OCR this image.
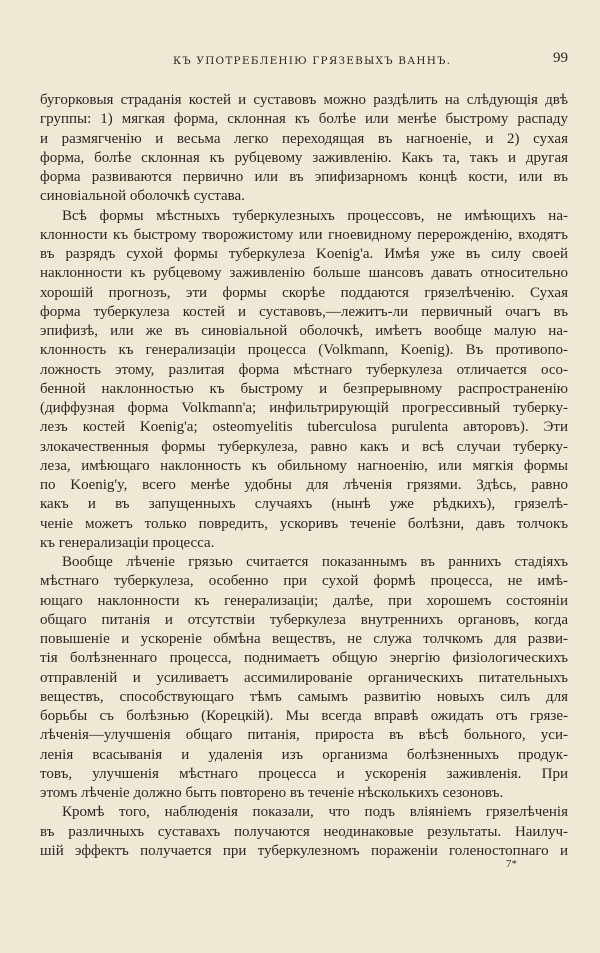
КЪ УПОТРЕБЛЕНІЮ ГРЯЗЕВЫХЪ ВАННЪ.	99
бугорковыя страданія костей и суставовъ можно раздѣлить на слѣдующія двѣ
группы: 1) мягкая форма, склонная къ болѣе или менѣе быстрому распаду
и размягченію и весьма легко переходящая въ нагноеніе, и 2) сухая
форма, болѣе склонная къ рубцевому заживленію. Какъ та, такъ и другая
форма развиваются первично или въ эпифизарномъ концѣ кости, или въ
синовіальной оболочкѣ сустава.
Всѣ формы мѣстныхъ туберкулезныхъ процессовъ, не имѣющихъ на-
клонности къ быстрому творожистому или гноевидному перерожденію, входятъ
въ разрядъ сухой формы туберкулеза Koenig'a. Имѣя уже въ силу своей
наклонности къ рубцевому заживленію больше шансовъ давать относительно
хорошій прогнозъ, эти формы скорѣе поддаются грязелѣченію. Сухая
форма туберкулеза костей и суставовъ,—лежитъ-ли первичный очагъ въ
эпифизѣ, или же въ синовіальной оболочкѣ, имѣетъ вообще малую на-
клонность къ генерализаціи процесса (Volkmann, Koenig). Въ противопо-
ложность этому, разлитая форма мѣстнаго туберкулеза отличается осо-
бенной наклонностью къ быстрому и безпрерывному распространенію
(диффузная форма Volkmann'a; инфильтрирующій прогрессивный туберку-
лезъ костей Koenig'a; osteomyelitis tuberculosa purulenta авторовъ). Эти
злокачественныя формы туберкулеза, равно какъ и всѣ случаи туберку-
леза, имѣющаго наклонность къ обильному нагноенію, или мягкія формы
по Koenig'y, всего менѣе удобны для лѣченія грязями. Здѣсь, равно
какъ и въ запущенныхъ случаяхъ (нынѣ уже рѣдкихъ), грязелѣ-
ченіе можетъ только повредить, ускоривъ теченіе болѣзни, давъ толчокъ
къ генерализаціи процесса.
Вообще лѣченіе грязью считается показаннымъ въ раннихъ стадіяхъ
мѣстнаго туберкулеза, особенно при сухой формѣ процесса, не имѣ-
ющаго наклонности къ генерализаціи; далѣе, при хорошемъ состояніи
общаго питанія и отсутствіи туберкулеза внутреннихъ органовъ, когда
повышеніе и ускореніе обмѣна веществъ, не служа толчкомъ для разви-
тія болѣзненнаго процесса, поднимаетъ общую энергію физіологическихъ
отправленій и усиливаетъ ассимилированіе органическихъ питательныхъ
веществъ, способствующаго тѣмъ самымъ развитію новыхъ силъ для
борьбы съ болѣзнью (Корецкій). Мы всегда вправѣ ожидать отъ грязе-
лѣченія—улучшенія общаго питанія, прироста въ вѣсѣ больного, уси-
ленія всасыванія и удаленія изъ организма болѣзненныхъ продук-
товъ, улучшенія мѣстнаго процесса и ускоренія заживленія. При
этомъ лѣченіе должно быть повторено въ теченіе нѣсколькихъ сезоновъ.
Кромѣ того, наблюденія показали, что подъ вліяніемъ грязелѣченія
въ различныхъ суставахъ получаются неодинаковые результаты. Наилуч-
шій эффектъ получается при туберкулезномъ пораженіи голеностопнаго и
7*
